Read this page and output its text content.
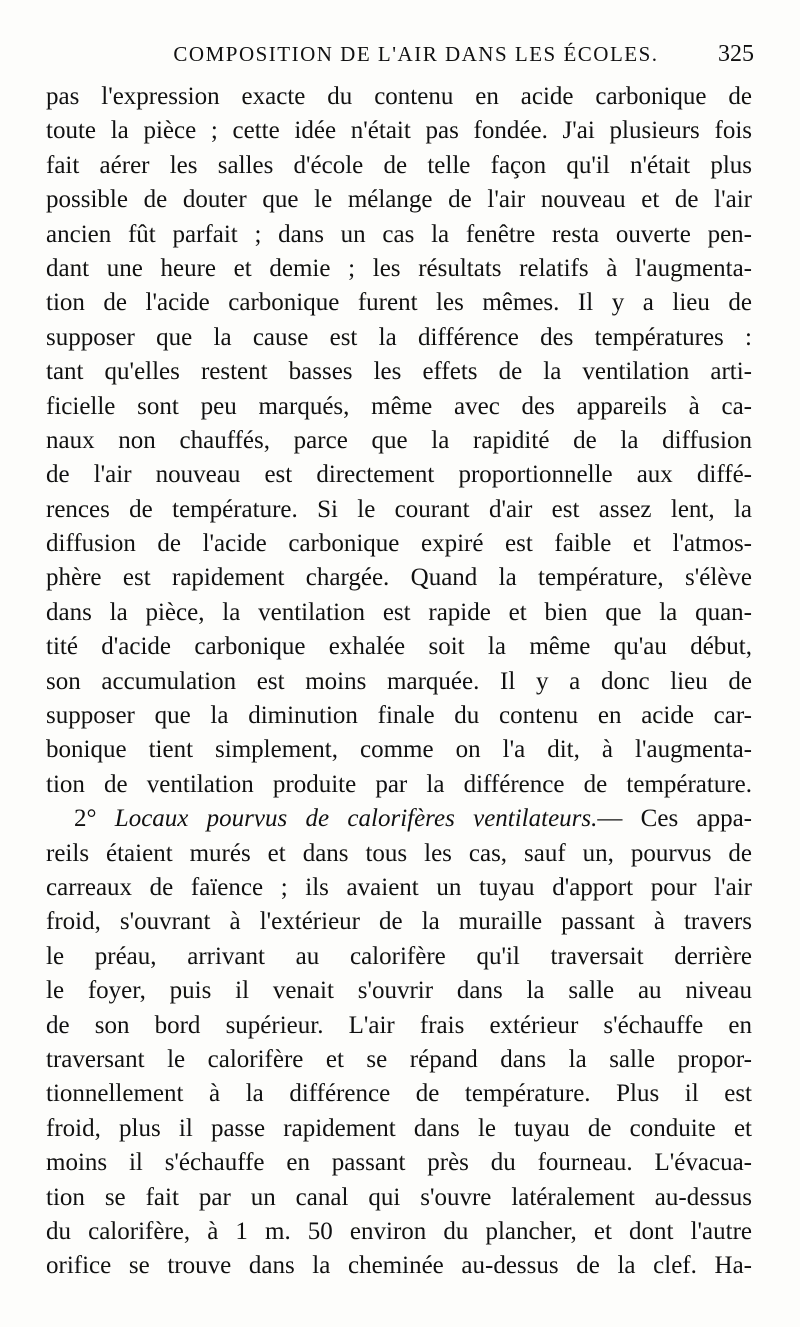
COMPOSITION DE L'AIR DANS LES ÉCOLES.	325
pas l'expression exacte du contenu en acide carbonique de
toute la pièce ; cette idée n'était pas fondée. J'ai plusieurs fois
fait aérer les salles d'école de telle façon qu'il n'était plus
possible de douter que le mélange de l'air nouveau et de l'air
ancien fût parfait ; dans un cas la fenêtre resta ouverte pen-
dant une heure et demie ; les résultats relatifs à l'augmenta-
tion de l'acide carbonique furent les mêmes. Il y a lieu de
supposer que la cause est la différence des températures :
tant qu'elles restent basses les effets de la ventilation arti-
ficielle sont peu marqués, même avec des appareils à ca-
naux non chauffés, parce que la rapidité de la diffusion
de l'air nouveau est directement proportionnelle aux diffé-
rences de température. Si le courant d'air est assez lent, la
diffusion de l'acide carbonique expiré est faible et l'atmos-
phère est rapidement chargée. Quand la température, s'élève
dans la pièce, la ventilation est rapide et bien que la quan-
tité d'acide carbonique exhalée soit la même qu'au début,
son accumulation est moins marquée. Il y a donc lieu de
supposer que la diminution finale du contenu en acide car-
bonique tient simplement, comme on l'a dit, à l'augmenta-
tion de ventilation produite par la différence de température.
2° Locaux pourvus de calorifères ventilateurs.— Ces appa-
reils étaient murés et dans tous les cas, sauf un, pourvus de
carreaux de faïence ; ils avaient un tuyau d'apport pour l'air
froid, s'ouvrant à l'extérieur de la muraille passant à travers
le préau, arrivant au calorifère qu'il traversait derrière
le foyer, puis il venait s'ouvrir dans la salle au niveau
de son bord supérieur. L'air frais extérieur s'échauffe en
traversant le calorifère et se répand dans la salle propor-
tionnellement à la différence de température. Plus il est
froid, plus il passe rapidement dans le tuyau de conduite et
moins il s'échauffe en passant près du fourneau. L'évacua-
tion se fait par un canal qui s'ouvre latéralement au-dessus
du calorifère, à 1 m. 50 environ du plancher, et dont l'autre
orifice se trouve dans la cheminée au-dessus de la clef. Ha-
